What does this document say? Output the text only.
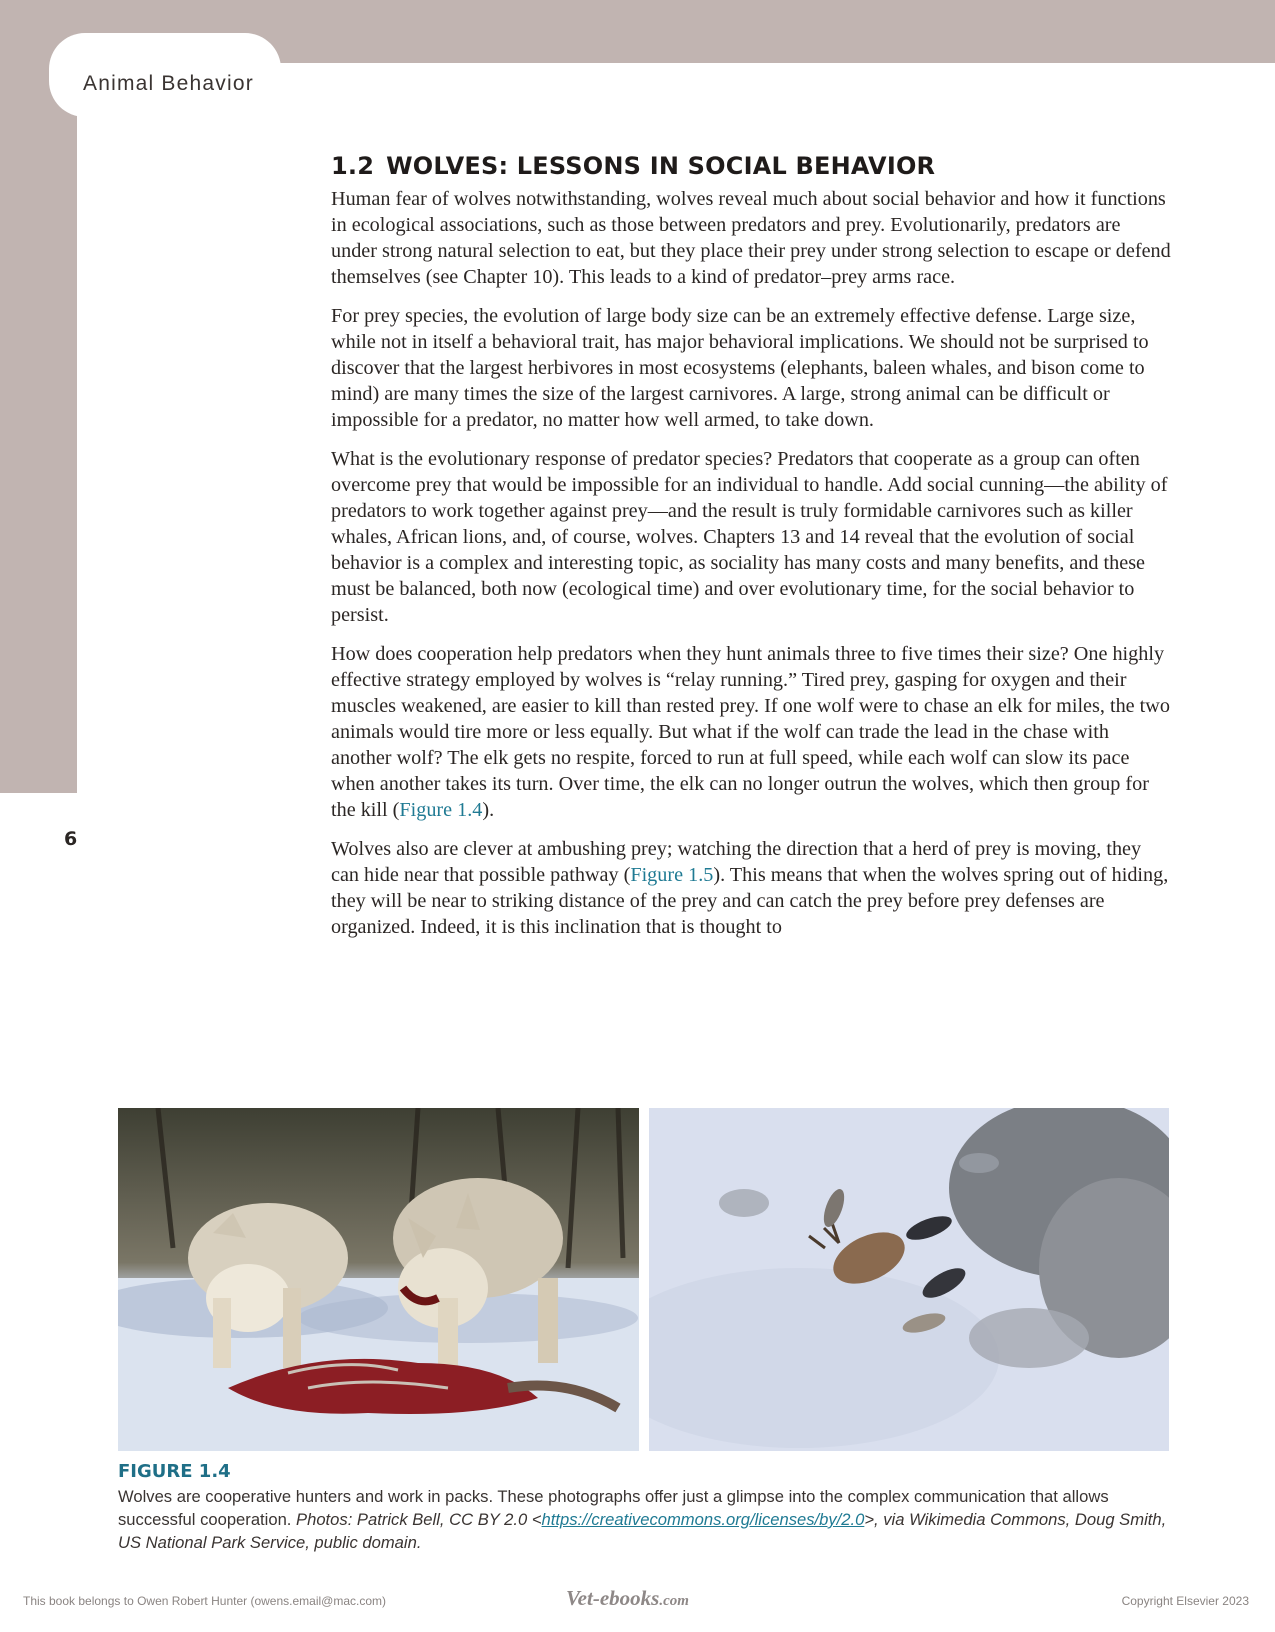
Animal Behavior
6
1.2 WOLVES: LESSONS IN SOCIAL BEHAVIOR

Human fear of wolves notwithstanding, wolves reveal much about social behavior and how it functions in ecological associations, such as those between predators and prey. Evolutionarily, predators are under strong natural selection to eat, but they place their prey under strong selection to escape or defend themselves (see Chapter 10). This leads to a kind of predator–prey arms race.

For prey species, the evolution of large body size can be an extremely effective defense. Large size, while not in itself a behavioral trait, has major behavioral implications. We should not be surprised to discover that the largest herbivores in most ecosystems (elephants, baleen whales, and bison come to mind) are many times the size of the largest carnivores. A large, strong animal can be difficult or impossible for a predator, no matter how well armed, to take down.

What is the evolutionary response of predator species? Predators that cooperate as a group can often overcome prey that would be impossible for an individual to handle. Add social cunning—the ability of predators to work together against prey—and the result is truly formidable carnivores such as killer whales, African lions, and, of course, wolves. Chapters 13 and 14 reveal that the evolution of social behavior is a complex and interesting topic, as sociality has many costs and many benefits, and these must be balanced, both now (ecological time) and over evolutionary time, for the social behavior to persist.

How does cooperation help predators when they hunt animals three to five times their size? One highly effective strategy employed by wolves is “relay running.” Tired prey, gasping for oxygen and their muscles weakened, are easier to kill than rested prey. If one wolf were to chase an elk for miles, the two animals would tire more or less equally. But what if the wolf can trade the lead in the chase with another wolf? The elk gets no respite, forced to run at full speed, while each wolf can slow its pace when another takes its turn. Over time, the elk can no longer outrun the wolves, which then group for the kill (Figure 1.4).

Wolves also are clever at ambushing prey; watching the direction that a herd of prey is moving, they can hide near that possible pathway (Figure 1.5). This means that when the wolves spring out of hiding, they will be near to striking distance of the prey and can catch the prey before prey defenses are organized. Indeed, it is this inclination that is thought to

FIGURE 1.4
Wolves are cooperative hunters and work in packs. These photographs offer just a glimpse into the complex communication that allows successful cooperation. Photos: Patrick Bell, CC BY 2.0 <https://creativecommons.org/licenses/by/2.0>, via Wikimedia Commons, Doug Smith, US National Park Service, public domain.
This book belongs to Owen Robert Hunter (owens.email@mac.com)	Vet-ebooks.com	Copyright Elsevier 2023
